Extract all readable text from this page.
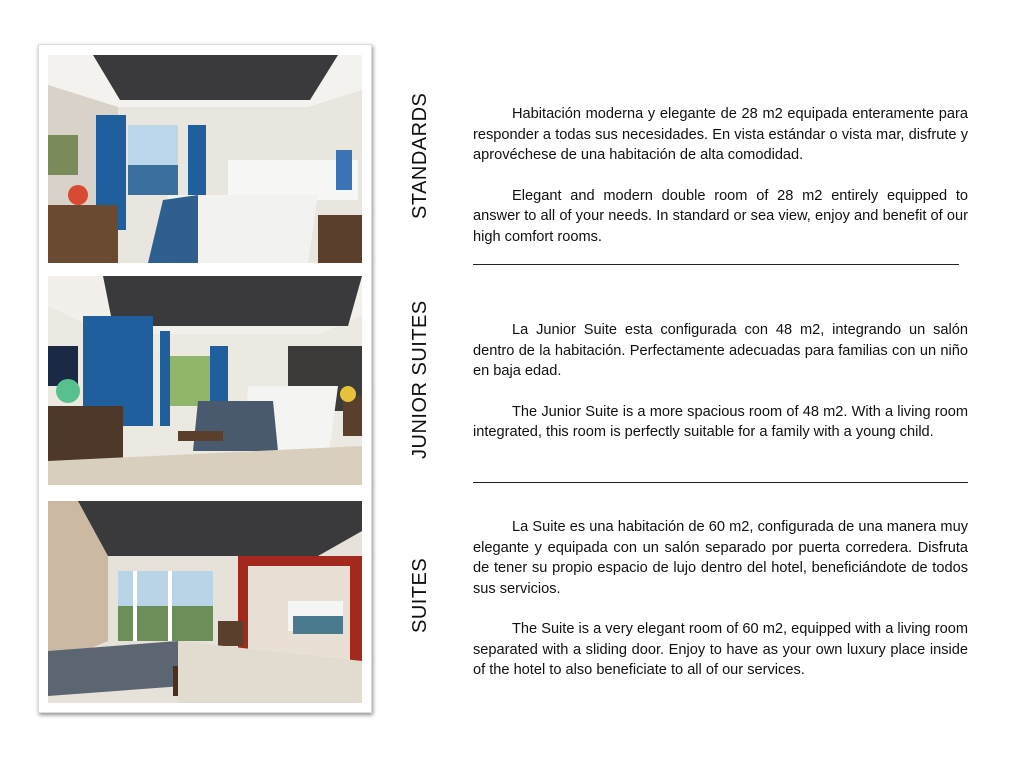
STANDARDS
JUNIOR SUITES
SUITES

Habitación moderna y elegante de 28 m2 equipada enteramente para responder a todas sus necesidades. En vista estándar o vista mar, disfrute y aprovéchese de una habitación de alta comodidad.

Elegant and modern double room of 28 m2 entirely equipped to answer to all of your needs. In standard or sea view, enjoy and benefit of our high comfort rooms.

La Junior Suite esta configurada con 48 m2, integrando un salón dentro de la habitación. Perfectamente adecuadas para familias con un niño en baja edad.

The Junior Suite is a more spacious room of 48 m2. With a living room integrated, this room is perfectly suitable for a family with a young child.

La Suite es una habitación de 60 m2, configurada de una manera muy elegante y equipada con un salón separado por puerta corredera. Disfruta de tener su propio espacio de lujo dentro del hotel, beneficiándote de todos sus servicios.

The Suite is a very elegant room of 60 m2, equipped with a living room separated with a sliding door. Enjoy to have as your own luxury place inside of the hotel to also beneficiate to all of our services.
